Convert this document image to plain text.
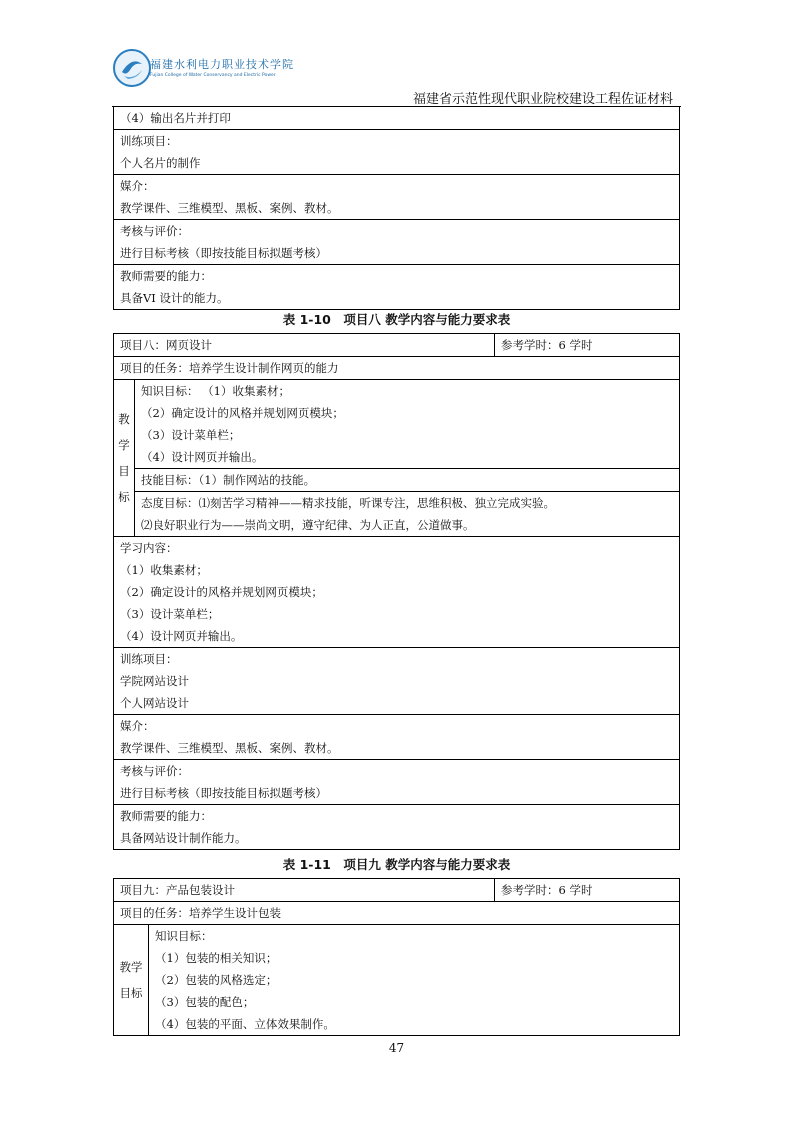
福建水利电力职业技术学院
Fujian College of Water Conservancy and Electric Power
福建省示范性现代职业院校建设工程佐证材料
（4）输出名片并打印

训练项目：
个人名片的制作

媒介：
教学课件、三维模型、黑板、案例、教材。

考核与评价：
进行目标考核（即按技能目标拟题考核）

教师需要的能力：
具备VI 设计的能力。
表 1-10　项目八 教学内容与能力要求表
项目八：网页设计		参考学时：6 学时

项目的任务：培养学生设计制作网页的能力		

教
学
目
标	知识目标： （1）收集素材；
（2）确定设计的风格并规划网页模块；
（3）设计菜单栏；
（4）设计网页并输出。	

	技能目标：（1）制作网站的技能。	

	态度目标：⑴刻苦学习精神——精求技能，听课专注，思维积极、独立完成实验。
⑵良好职业行为——崇尚文明，遵守纪律、为人正直，公道做事。	

学习内容：
（1）收集素材；
（2）确定设计的风格并规划网页模块；
（3）设计菜单栏；
（4）设计网页并输出。		

训练项目：
学院网站设计
个人网站设计		

媒介：
教学课件、三维模型、黑板、案例、教材。		

考核与评价：
进行目标考核（即按技能目标拟题考核）		

教师需要的能力：
具备网站设计制作能力。		
表 1-11　项目九 教学内容与能力要求表
项目九：产品包装设计		参考学时：6 学时

项目的任务：培养学生设计包装		

教学
目标	知识目标：
（1）包装的相关知识；
（2）包装的风格选定；
（3）包装的配色；
（4）包装的平面、立体效果制作。	
47
